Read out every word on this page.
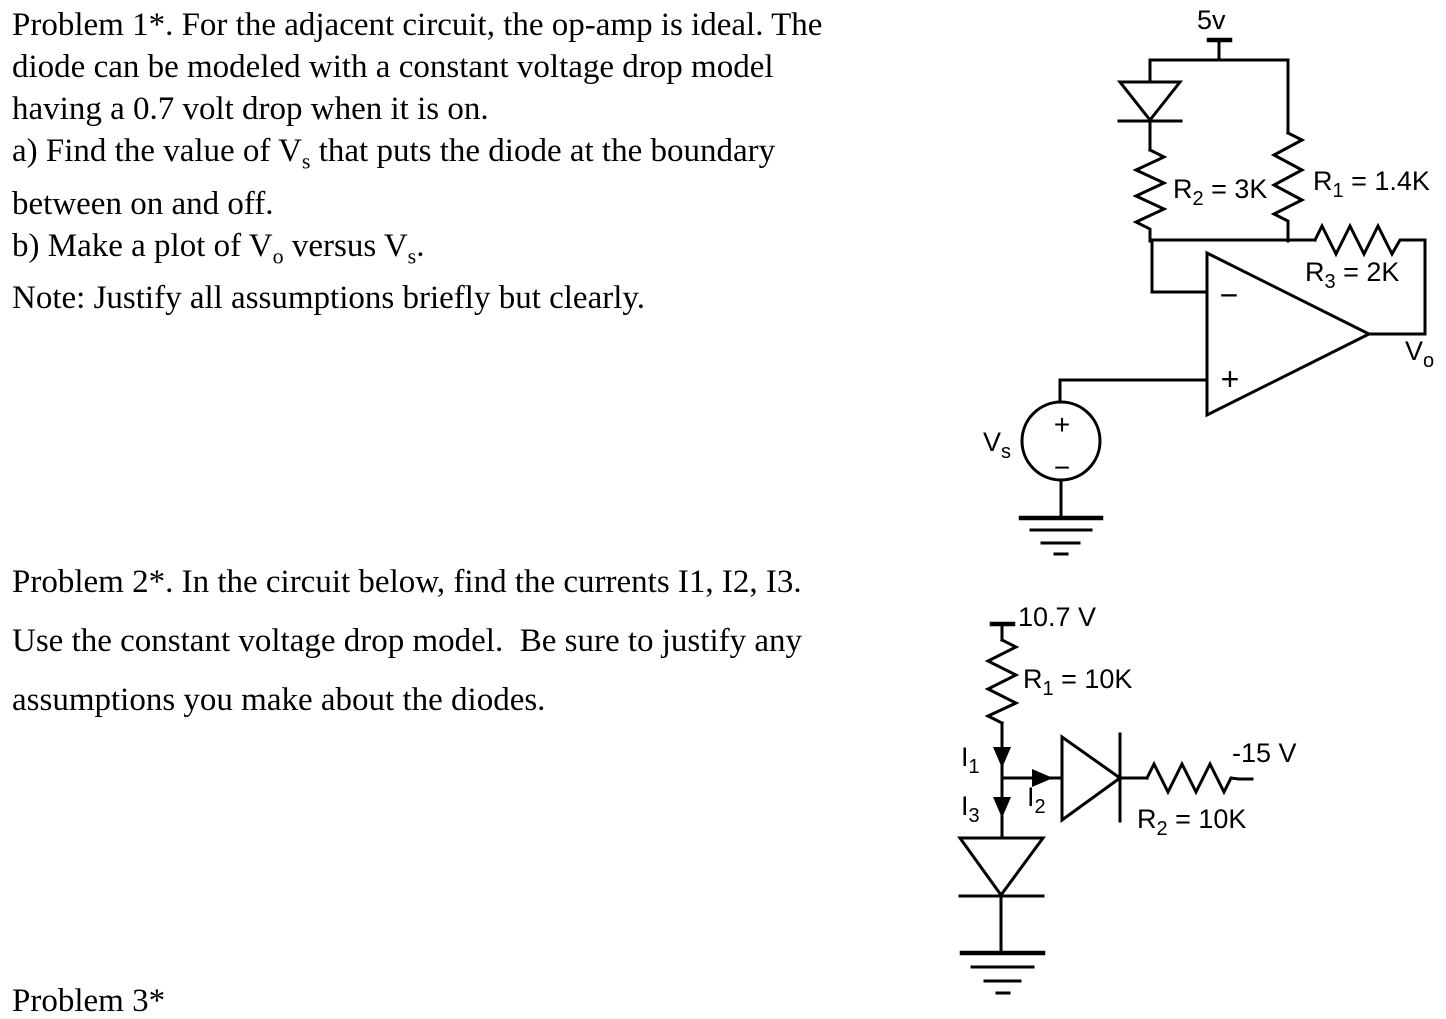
Problem 1*. For the adjacent circuit, the op-amp is ideal. The
diode can be modeled with a constant voltage drop model
having a 0.7 volt drop when it is on.
a) Find the value of $V_s$ that puts the diode at the boundary
between on and off.
b) Make a plot of $V_o$ versus $V_s$.
Note: Justify all assumptions briefly but clearly.
Problem 2*. In the circuit below, find the currents I1, I2, I3.
Use the constant voltage drop model.  Be sure to justify any
assumptions you make about the diodes.
Problem 3*
5v
$R_2 = 3K$ $R_1 = 1.4K$
$R_3 = 2K$
−
+
$V_o$
+
−
$V_s$
10.7 V
$R_1 = 10K$
$I_1$
$I_2$
-15 V
$R_2 = 10K$
$I_3$
